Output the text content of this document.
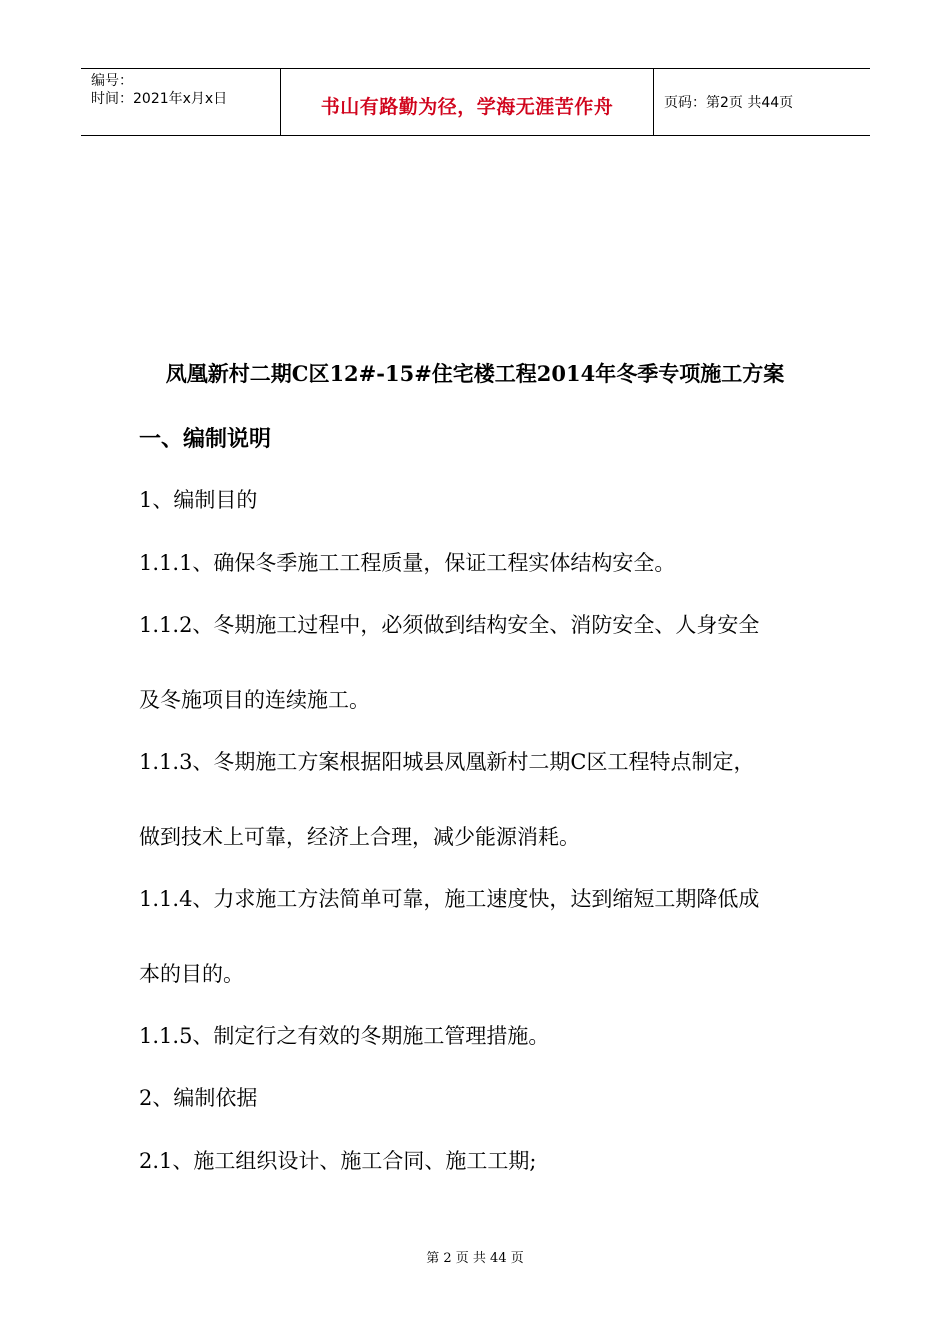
编号：
时间：2021年x月x日	书山有路勤为径，学海无涯苦作舟	页码：第2页 共44页
凤凰新村二期C区12#-15#住宅楼工程2014年冬季专项施工方案
一、编制说明
1、编制目的
1.1.1、确保冬季施工工程质量，保证工程实体结构安全。
1.1.2、冬期施工过程中，必须做到结构安全、消防安全、人身安全
及冬施项目的连续施工。
1.1.3、冬期施工方案根据阳城县凤凰新村二期C区工程特点制定，
做到技术上可靠，经济上合理，减少能源消耗。
1.1.4、力求施工方法简单可靠，施工速度快，达到缩短工期降低成
本的目的。
1.1.5、制定行之有效的冬期施工管理措施。
2、编制依据
2.1、施工组织设计、施工合同、施工工期;
第 2 页 共 44 页
